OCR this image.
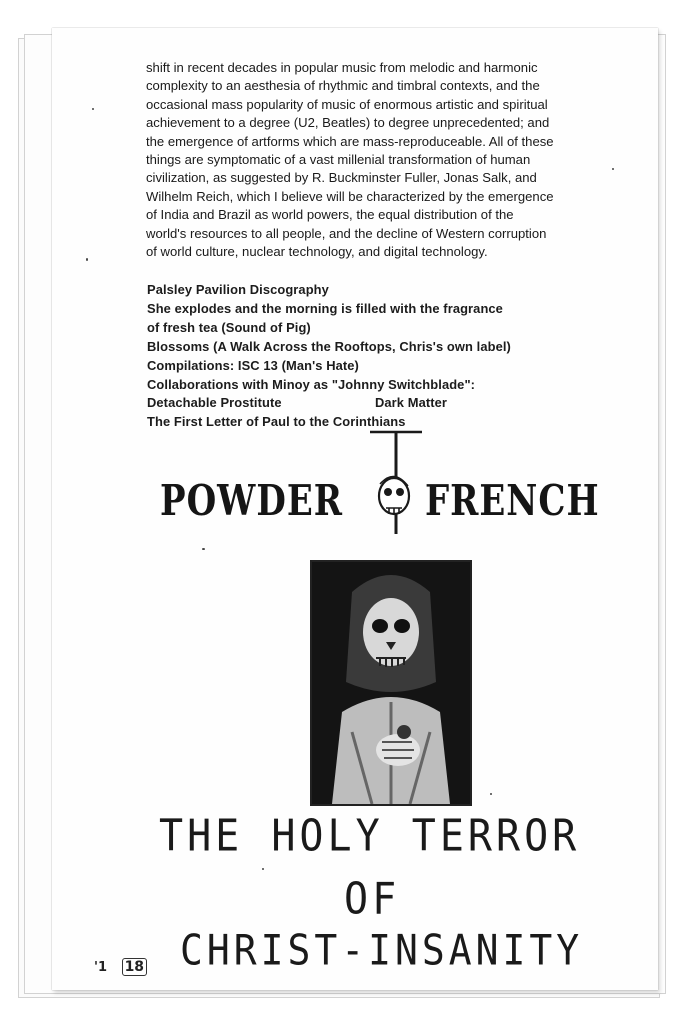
shift in recent decades in popular music from melodic and harmonic
complexity to an aesthesia of rhythmic and timbral contexts, and the
occasional mass popularity of music of enormous artistic and spiritual
achievement to a degree (U2, Beatles) to degree unprecedented; and
the emergence of artforms which are mass-reproduceable. All of these
things are symptomatic of a vast millenial transformation of human
civilization, as suggested by R. Buckminster Fuller, Jonas Salk, and
Wilhelm Reich, which I believe will be characterized by the emergence
of India and Brazil as world powers, the equal distribution of the
world's resources to all people, and the decline of Western corruption
of world culture, nuclear technology, and digital technology.
Palsley Pavilion Discography
She explodes and the morning is filled with the fragrance
of fresh tea (Sound of Pig)
Blossoms (A Walk Across the Rooftops, Chris's own label)
Compilations: ISC 13 (Man's Hate)
Collaborations with Minoy as "Johnny Switchblade":
Detachable Prostitute	Dark Matter
The First Letter of Paul to the Corinthians
POWDER FRENCH
THE HOLY TERROR
OF
CHRIST-INSANITY
'1 18
